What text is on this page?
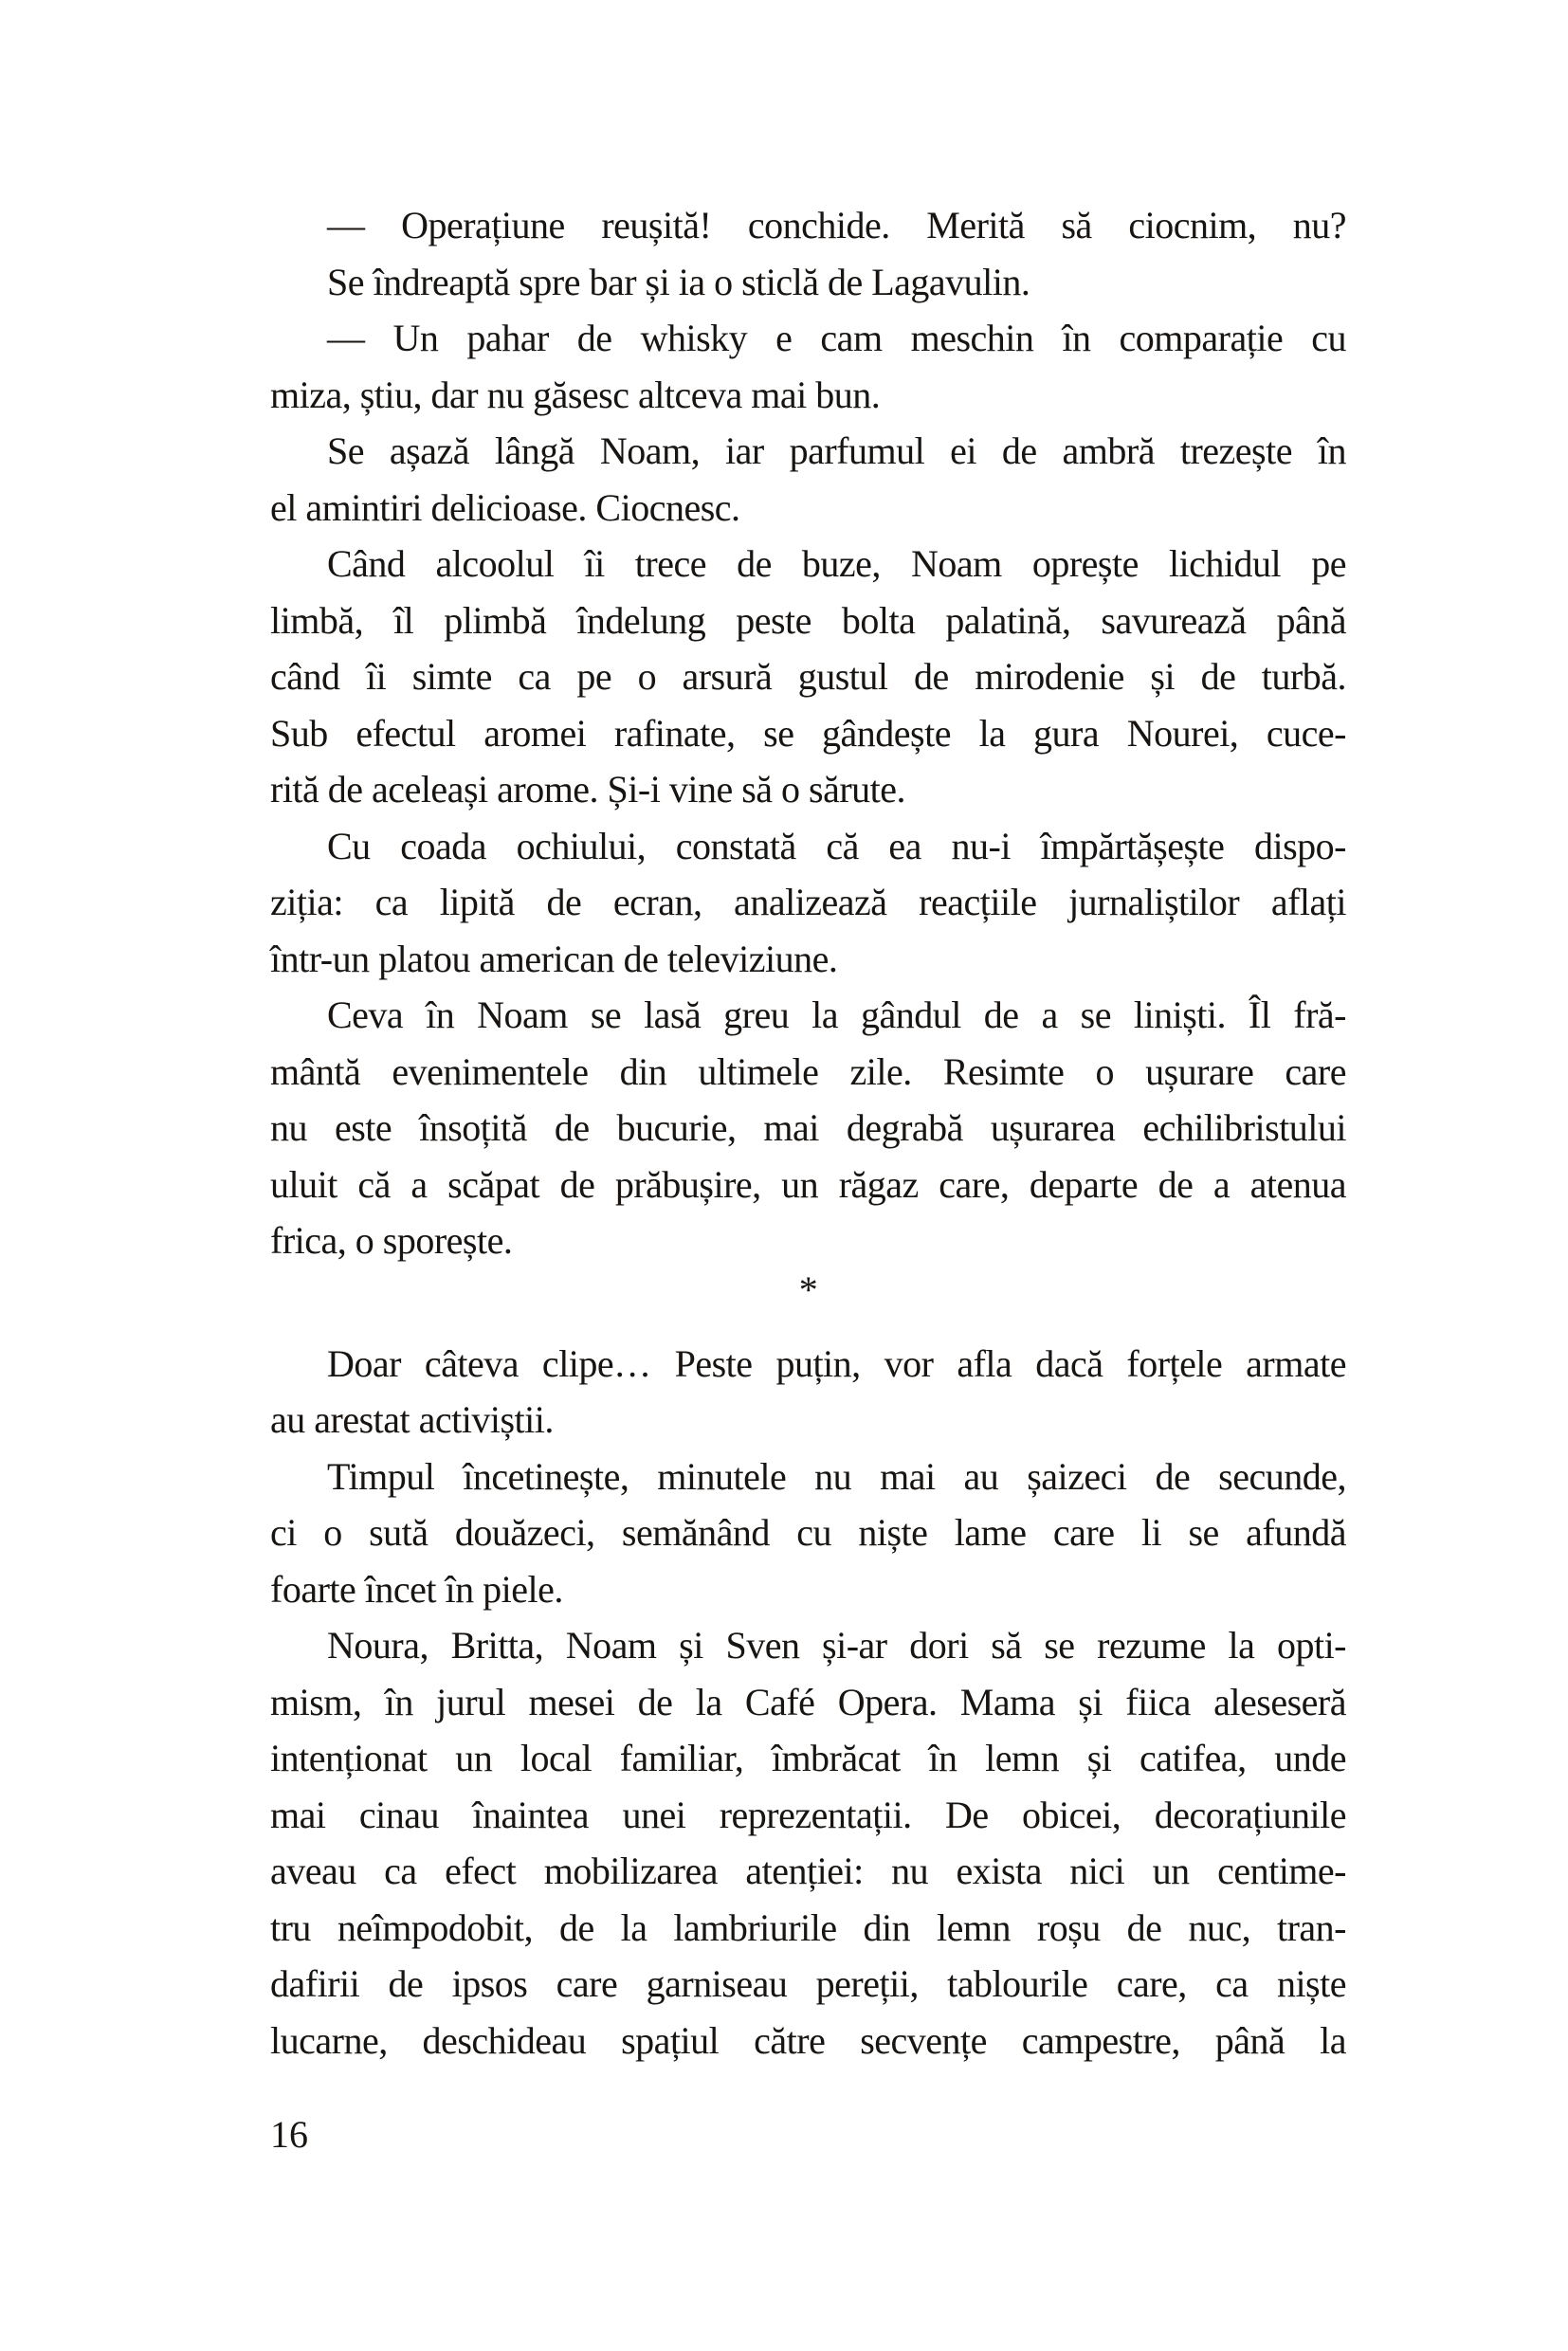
— Operațiune reușită! conchide. Merită să ciocnim, nu?
Se îndreaptă spre bar și ia o sticlă de Lagavulin.
— Un pahar de whisky e cam meschin în comparație cu
miza, știu, dar nu găsesc altceva mai bun.
Se așază lângă Noam, iar parfumul ei de ambră trezește în
el amintiri delicioase. Ciocnesc.
Când alcoolul îi trece de buze, Noam oprește lichidul pe
limbă, îl plimbă îndelung peste bolta palatină, savurează până
când îi simte ca pe o arsură gustul de mirodenie și de turbă.
Sub efectul aromei rafinate, se gândește la gura Nourei, cuce-
rită de aceleași arome. Și-i vine să o sărute.
Cu coada ochiului, constată că ea nu-i împărtășește dispo-
ziția: ca lipită de ecran, analizează reacțiile jurnaliștilor aflați
într-un platou american de televiziune.
Ceva în Noam se lasă greu la gândul de a se liniști. Îl fră-
mântă evenimentele din ultimele zile. Resimte o ușurare care
nu este însoțită de bucurie, mai degrabă ușurarea echilibristului
uluit că a scăpat de prăbușire, un răgaz care, departe de a atenua
frica, o sporește.
*
Doar câteva clipe… Peste puțin, vor afla dacă forțele armate
au arestat activiștii.
Timpul încetinește, minutele nu mai au șaizeci de secunde,
ci o sută douăzeci, semănând cu niște lame care li se afundă
foarte încet în piele.
Noura, Britta, Noam și Sven și-ar dori să se rezume la opti-
mism, în jurul mesei de la Café Opera. Mama și fiica aleseseră
intenționat un local familiar, îmbrăcat în lemn și catifea, unde
mai cinau înaintea unei reprezentații. De obicei, decorațiunile
aveau ca efect mobilizarea atenției: nu exista nici un centime-
tru neîmpodobit, de la lambriurile din lemn roșu de nuc, tran-
dafirii de ipsos care garniseau pereții, tablourile care, ca niște
lucarne, deschideau spațiul către secvențe campestre, până la
16
